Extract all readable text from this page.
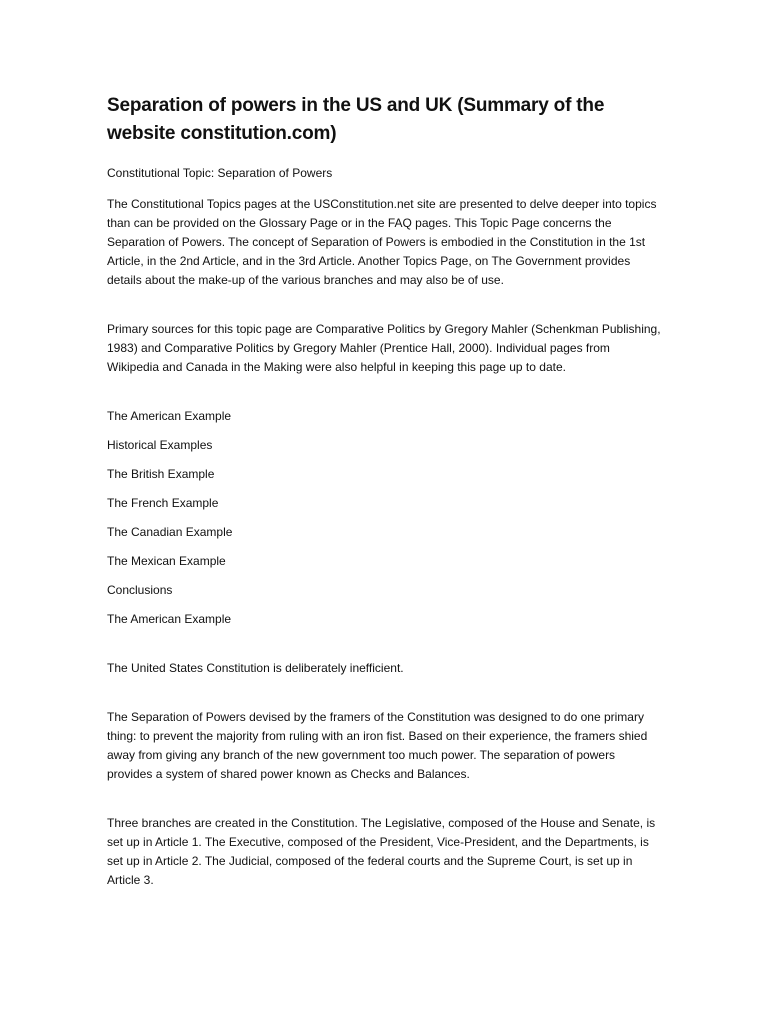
Separation of powers in the US and UK (Summary of the website constitution.com)

Constitutional Topic: Separation of Powers

The Constitutional Topics pages at the USConstitution.net site are presented to delve deeper into topics than can be provided on the Glossary Page or in the FAQ pages. This Topic Page concerns the Separation of Powers. The concept of Separation of Powers is embodied in the Constitution in the 1st Article, in the 2nd Article, and in the 3rd Article. Another Topics Page, on The Government provides details about the make-up of the various branches and may also be of use.

Primary sources for this topic page are Comparative Politics by Gregory Mahler (Schenkman Publishing, 1983) and Comparative Politics by Gregory Mahler (Prentice Hall, 2000). Individual pages from Wikipedia and Canada in the Making were also helpful in keeping this page up to date.

The American Example
Historical Examples
The British Example
The French Example
The Canadian Example
The Mexican Example
Conclusions
The American Example

The United States Constitution is deliberately inefficient.

The Separation of Powers devised by the framers of the Constitution was designed to do one primary thing: to prevent the majority from ruling with an iron fist. Based on their experience, the framers shied away from giving any branch of the new government too much power. The separation of powers provides a system of shared power known as Checks and Balances.

Three branches are created in the Constitution. The Legislative, composed of the House and Senate, is set up in Article 1. The Executive, composed of the President, Vice-President, and the Departments, is set up in Article 2. The Judicial, composed of the federal courts and the Supreme Court, is set up in Article 3.
